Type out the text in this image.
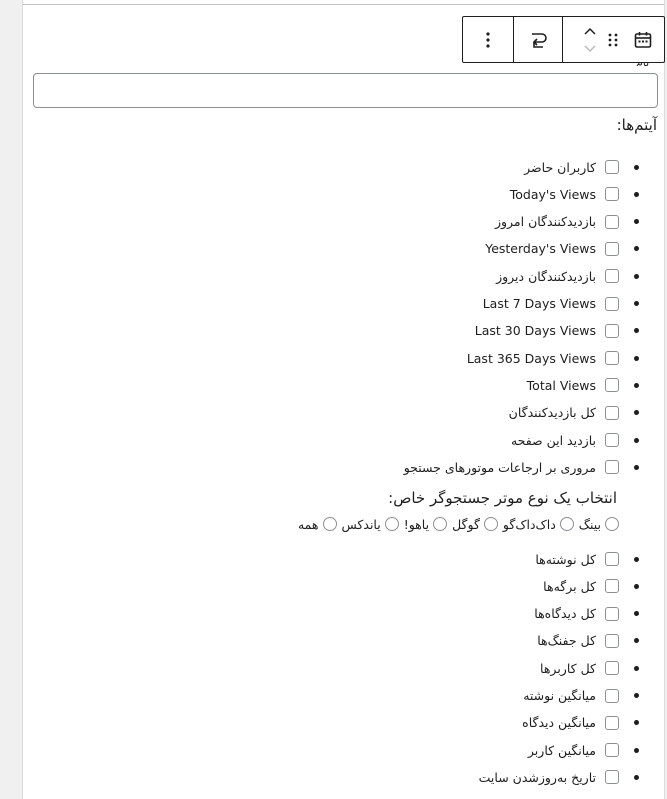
آیتم‌ها:
کاربران حاضر
Today's Views
بازدیدکنندگان امروز
Yesterday's Views
بازدیدکنندگان دیروز
Last 7 Days Views
Last 30 Days Views
Last 365 Days Views
Total Views
کل بازدیدکنندگان
بازدید این صفحه
مروری بر ارجاعات موتورهای جستجو
انتخاب یک نوع موتر جستجوگر خاص:
بینگ
داک‌داک‌گو
گوگل
یاهو!
یاندکس
همه
کل نوشته‌ها
کل برگه‌ها
کل دیدگاه‌ها
کل جفنگ‌ها
کل کاربرها
میانگین نوشته
میانگین دیدگاه
میانگین کاربر
تاریخ به‌روزشدن سایت
